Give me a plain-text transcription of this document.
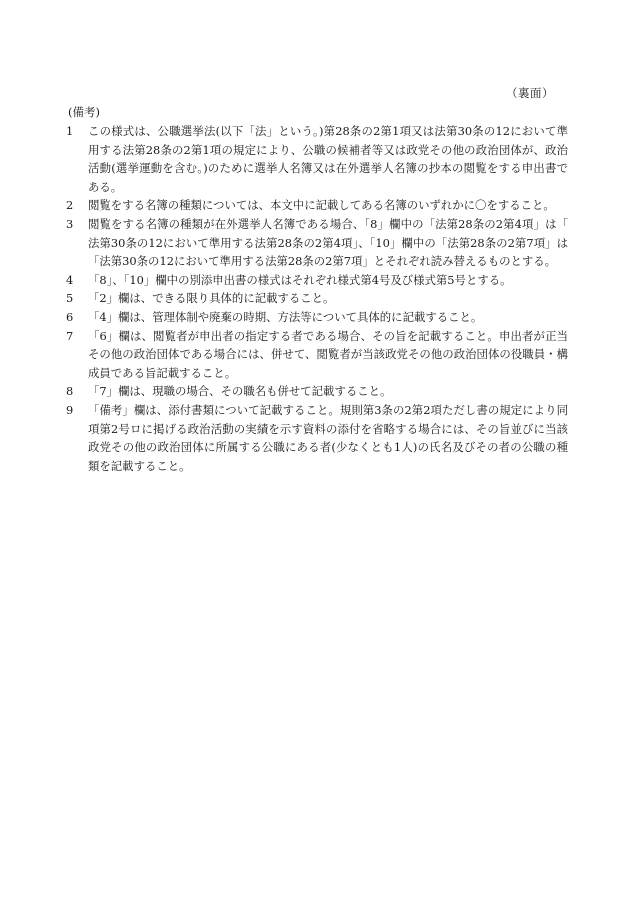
（裏面）
(備考)
1	この様式は、公職選挙法(以下「法」という。)第28条の2第1項又は法第30条の12において準用する法第28条の2第1項の規定により、公職の候補者等又は政党その他の政治団体が、政治活動(選挙運動を含む。)のために選挙人名簿又は在外選挙人名簿の抄本の閲覧をする申出書である。
2	閲覧をする名簿の種類については、本文中に記載してある名簿のいずれかに〇をすること。
3	閲覧をする名簿の種類が在外選挙人名簿である場合、「8」欄中の「法第28条の2第4項」は「法第30条の12において準用する法第28条の2第4項」、「10」欄中の「法第28条の2第7項」は「法第30条の12において準用する法第28条の2第7項」とそれぞれ読み替えるものとする。
4	「8」、「10」欄中の別添申出書の様式はそれぞれ様式第4号及び様式第5号とする。
5	「2」欄は、できる限り具体的に記載すること。
6	「4」欄は、管理体制や廃棄の時期、方法等について具体的に記載すること。
7	「6」欄は、閲覧者が申出者の指定する者である場合、その旨を記載すること。申出者が正当その他の政治団体である場合には、併せて、閲覧者が当該政党その他の政治団体の役職員・構成員である旨記載すること。
8	「7」欄は、現職の場合、その職名も併せて記載すること。
9	「備考」欄は、添付書類について記載すること。規則第3条の2第2項ただし書の規定により同項第2号ロに掲げる政治活動の実績を示す資料の添付を省略する場合には、その旨並びに当該政党その他の政治団体に所属する公職にある者(少なくとも1人)の氏名及びその者の公職の種類を記載すること。
